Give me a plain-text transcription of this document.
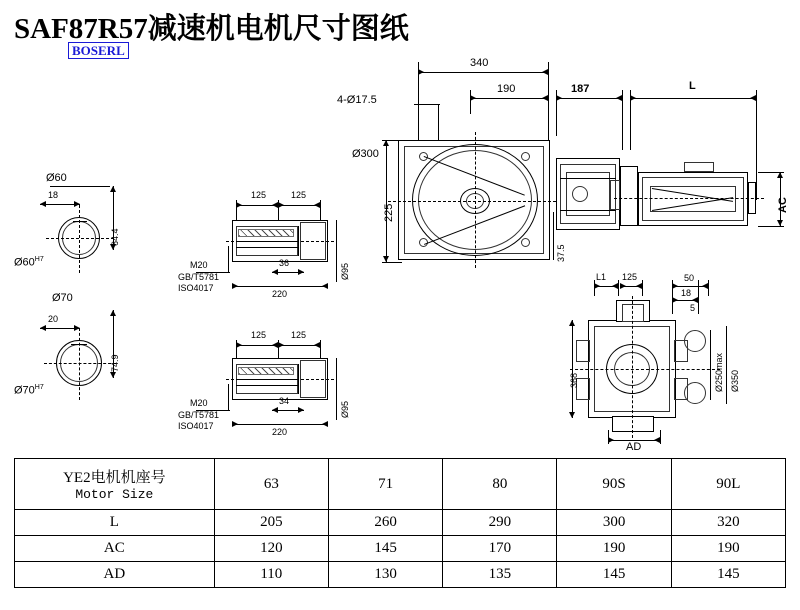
SAF87R57减速机电机尺寸图纸
BOSERL
64.4
18
Ø60
$Ø60^{H7}$
74.9
20
Ø70
$Ø70^{H7}$
125	125
M20
GB/T5781
ISO4017
36
220
Ø95
125	125
M20
GB/T5781
ISO4017
34
220
Ø95
340
190	187	L
4-Ø17.5
Ø300
225
37.5
AC
L1 125	50
18
5
368	Ø250max Ø350
AD
YE2电机机座号
Motor Size	63	71	80	90S	90L

L	205	260	290	300	320
AC	120	145	170	190	190
AD	110	130	135	145	145
